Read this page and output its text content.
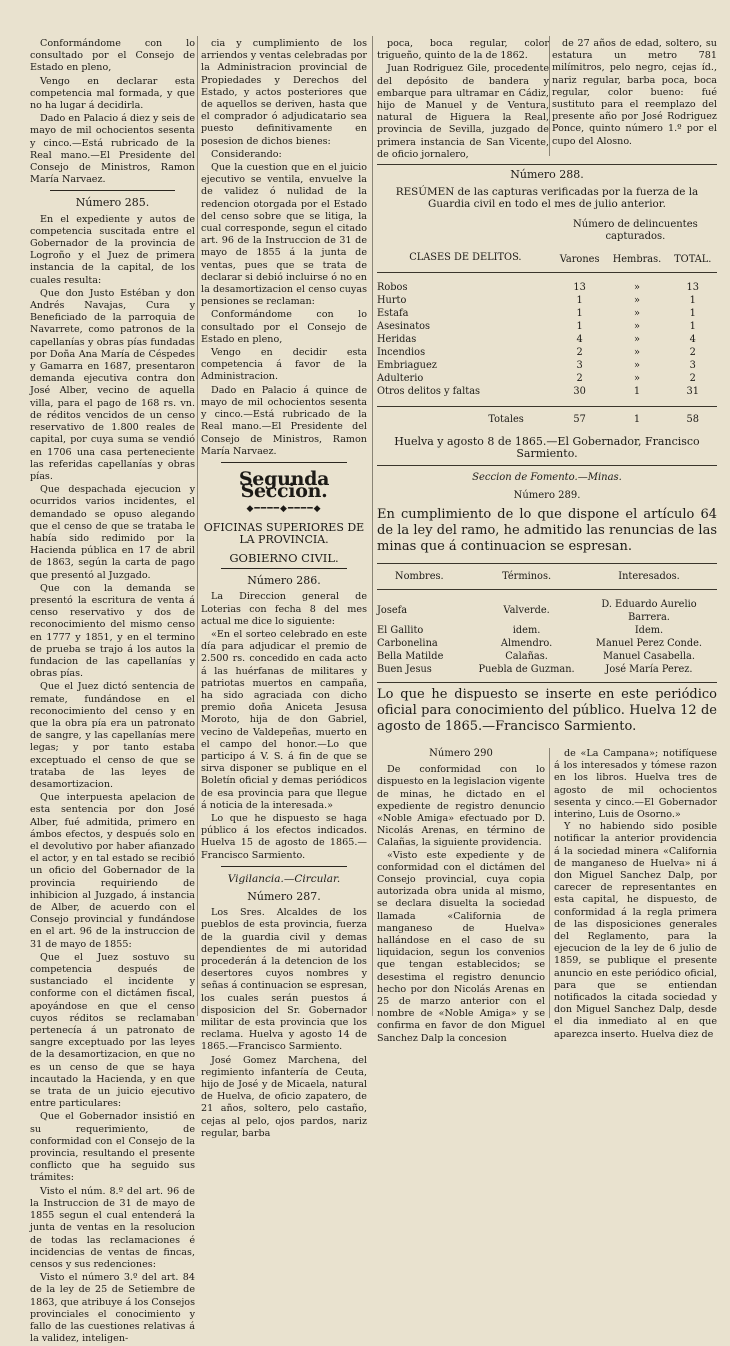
Conformándome con lo consultado por el Consejo de Estado en pleno,

Vengo en declarar esta competencia mal formada, y que no ha lugar á decidirla.

Dado en Palacio á diez y seis de mayo de mil ochocientos sesenta y cinco.—Está rubricado de la Real mano.—El Presidente del Consejo de Ministros, Ramon María Narvaez.

Número 285.

En el expediente y autos de competencia suscitada entre el Gobernador de la provincia de Logroño y el Juez de primera instancia de la capital, de los cuales resulta:

Que don Justo Estéban y don Andrés Navajas, Cura y Beneficiado de la parroquia de Navarrete, como patronos de la capellanías y obras pías fundadas por Doña Ana María de Céspedes y Gamarra en 1687, presentaron demanda ejecutiva contra don José Alber, vecino de aquella villa, para el pago de 168 rs. vn. de réditos vencidos de un censo reservativo de 1.800 reales de capital, por cuya suma se vendió en 1706 una casa perteneciente las referidas capellanías y obras pías.

Que despachada ejecucion y ocurridos varios incidentes, el demandado se opuso alegando que el censo de que se trataba le había sido redimido por la Hacienda pública en 17 de abril de 1863, según la carta de pago que presentó al Juzgado.

Que con la demanda se presentó la escritura de venta á censo reservativo y dos de reconocimiento del mismo censo en 1777 y 1851, y en el termino de prueba se trajo á los autos la fundacion de las capellanías y obras pías.

Que el Juez dictó sentencia de remate, fundándose en el reconocimiento del censo y en que la obra pía era un patronato de sangre, y las capellanías mere legas; y por tanto estaba exceptuado el censo de que se trataba de las leyes de desamortizacion.

Que interpuesta apelacion de esta sentencia por don José Alber, fué admitida, primero en ámbos efectos, y después solo en el devolutivo por haber afianzado el actor, y en tal estado se recibió un oficio del Gobernador de la provincia requiriendo de inhibicion al Juzgado, á instancia de Alber, de acuerdo con el Consejo provincial y fundándose en el art. 96 de la instruccion de 31 de mayo de 1855:

Que el Juez sostuvo su competencia después de sustanciado el incidente y conforme con el dictámen fiscal, apoyándose en que el censo cuyos réditos se reclamaban pertenecía á un patronato de sangre exceptuado por las leyes de la desamortizacion, en que no es un censo de que se haya incautado la Hacienda, y en que se trata de un juicio ejecutivo entre particulares:

Que el Gobernador insistió en su requerimiento, de conformidad con el Consejo de la provincia, resultando el presente conflicto que ha seguido sus trámites:

Visto el núm. 8.º del art. 96 de la Instruccion de 31 de mayo de 1855 segun el cual entenderá la junta de ventas en la resolucion de todas las reclamaciones é incidencias de ventas de fincas, censos y sus redenciones:

Visto el número 3.º del art. 84 de la ley de 25 de Setiembre de 1863, que atribuye á los Consejos provinciales el conocimiento y fallo de las cuestiones relativas á la validez, inteligen-

cia y cumplimiento de los arriendos y ventas celebradas por la Administracion provincial de Propiedades y Derechos del Estado, y actos posteriores que de aquellos se deriven, hasta que el comprador ó adjudicatario sea puesto definitivamente en posesion de dichos bienes:

Considerando:

Que la cuestion que en el juicio ejecutivo se ventila, envuelve la de validez ó nulidad de la redencion otorgada por el Estado del censo sobre que se litiga, la cual corresponde, segun el citado art. 96 de la Instruccion de 31 de mayo de 1855 á la junta de ventas, pues que se trata de declarar si debió incluirse ó no en la desamortizacion el censo cuyas pensiones se reclaman:

Conformándome con lo consultado por el Consejo de Estado en pleno,

Vengo en decidir esta competencia á favor de la Administracion.

Dado en Palacio á quince de mayo de mil ochocientos sesenta y cinco.—Está rubricado de la Real mano.—El Presidente del Consejo de Ministros, Ramon María Narvaez.

Segunda Seccion.
◆━━━━◆━━━━◆
OFICINAS SUPERIORES DE LA PROVINCIA.
GOBIERNO CIVIL.
Número 286.

La Direccion general de Loterias con fecha 8 del mes actual me dice lo siguiente:

«En el sorteo celebrado en este día para adjudicar el premio de 2.500 rs. concedido en cada acto á las huérfanas de militares y patriotas muertos en campaña, ha sido agraciada con dicho premio doña Aniceta Jesusa Moroto, hija de don Gabriel, vecino de Valdepeñas, muerto en el campo del honor.—Lo que participo á V. S. á fin de que se sirva disponer se publique en el Boletín oficial y demas periódicos de esa provincia para que llegue á noticia de la interesada.»

Lo que he dispuesto se haga público á los efectos indicados. Huelva 15 de agosto de 1865.—Francisco Sarmiento.

Vigilancia.—Circular.
Número 287.

Los Sres. Alcaldes de los pueblos de esta provincia, fuerza de la guardia civil y demas dependientes de mi autoridad procederán á la detencion de los desertores cuyos nombres y señas á continuacion se espresan, los cuales serán puestos á disposicion del Sr. Gobernador militar de esta provincia que los reclama. Huelva y agosto 14 de 1865.—Francisco Sarmiento.

José Gomez Marchena, del regimiento infantería de Ceuta, hijo de José y de Micaela, natural de Huelva, de oficio zapatero, de 21 años, soltero, pelo castaño, cejas al pelo, ojos pardos, nariz regular, barba

poca, boca regular, color trigueño, quinto de la de 1862.

Juan Rodriguez Gile, procedente del depósito de bandera y embarque para ultramar en Cádiz, hijo de Manuel y de Ventura, natural de Higuera la Real, provincia de Sevilla, juzgado de primera instancia de San Vicente, de oficio jornalero,

de 27 años de edad, soltero, su estatura un metro 781 milímitros, pelo negro, cejas íd., nariz regular, barba poca, boca regular, color bueno: fué sustituto para el reemplazo del presente año por José Rodriguez Ponce, quinto número 1.º por el cupo del Alosno.

Número 288.
RESÚMEN de las capturas verificadas por la fuerza de la Guardia civil en todo el mes de julio anterior.
	Número de delincuentes capturados.		
CLASES DE DELITOS.	Varones	Hembras.	TOTAL.

Robos	13	»	13
Hurto	1	»	1
Estafa	1	»	1
Asesinatos	1	»	1
Heridas	4	»	4
Incendios	2	»	2
Embriaguez	3	»	3
Adulterio	2	»	2
Otros delitos y faltas	30	1	31

Totales	57	1	58
Huelva y agosto 8 de 1865.—El Gobernador, Francisco Sarmiento.
Seccion de Fomento.—Minas.
Número 289.
En cumplimiento de lo que dispone el artículo 64 de la ley del ramo, he admitido las renuncias de las minas que á continuacion se espresan.
Nombres.	Términos.	Interesados.

Josefa	Valverde.	D. Eduardo Aurelio Barrera.
El Gallito	idem.	Idem.
Carbonelina	Almendro.	Manuel Perez Conde.
Bella Matilde	Calañas.	Manuel Casabella.
Buen Jesus	Puebla de Guzman.	José María Perez.
Lo que he dispuesto se inserte en este periódico oficial para conocimiento del público. Huelva 12 de agosto de 1865.—Francisco Sarmiento.
Número 290

De conformidad con lo dispuesto en la legislacion vigente de minas, he dictado en el expediente de registro denuncio «Noble Amiga» efectuado por D. Nicolás Arenas, en término de Calañas, la siguiente providencia.

«Visto este expediente y de conformidad con el dictámen del Consejo provincial, cuya copia autorizada obra unida al mismo, se declara disuelta la sociedad llamada «California de manganeso de Huelva» hallándose en el caso de su liquidacion, segun los convenios que tengan establecidos; se desestima el registro denuncio hecho por don Nicolás Arenas en 25 de marzo anterior con el nombre de «Noble Amiga» y se confirma en favor de don Miguel Sanchez Dalp la concesion

de «La Campana»; notifíquese á los interesados y tómese razon en los libros. Huelva tres de agosto de mil ochocientos sesenta y cinco.—El Gobernador interino, Luis de Osorno.»

Y no habiendo sido posible notificar la anterior providencia á la sociedad minera «California de manganeso de Huelva» ni á don Miguel Sanchez Dalp, por carecer de representantes en esta capital, he dispuesto, de conformidad á la regla primera de las disposiciones generales del Reglamento, para la ejecucion de la ley de 6 julio de 1859, se publique el presente anuncio en este periódico oficial, para que se entiendan notificados la citada sociedad y don Miguel Sanchez Dalp, desde el dia inmediato al en que aparezca inserto. Huelva diez de
